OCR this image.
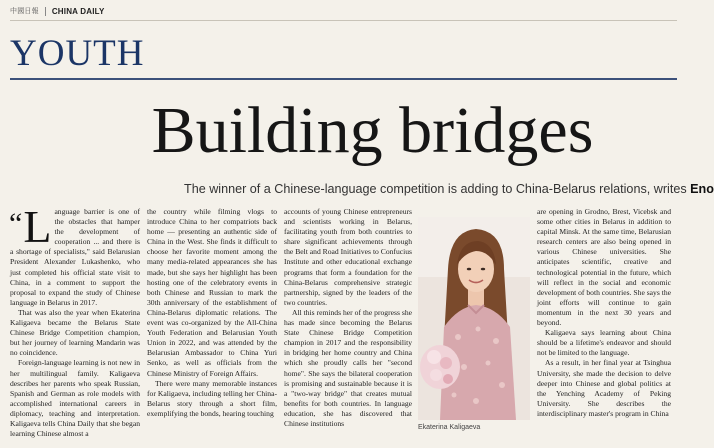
中國日報 CHINA DAILY
YOUTH
Building bridges
The winner of a Chinese-language competition is adding to China-Belarus relations, writes Eno

“L anguage barrier is one of the obstacles that hamper the development of cooperation ... and there is a shortage of specialists," said Belarusian President Alexander Lukashenko, who just completed his official state visit to China, in a comment to support the proposal to expand the study of Chinese language in Belarus in 2017.

That was also the year when Ekaterina Kaligaeva became the Belarus State Chinese Bridge Competition champion, but her journey of learning Mandarin was no coincidence.

Foreign-language learning is not new in her multilingual family. Kaligaeva describes her parents who speak Russian, Spanish and German as role models with accomplished international careers in diplomacy, teaching and interpretation. Kaligaeva tells China Daily that she began learning Chinese almost a

the country while filming vlogs to introduce China to her compatriots back home — presenting an authentic side of China in the West. She finds it difficult to choose her favorite moment among the many media-related appearances she has made, but she says her highlight has been hosting one of the celebratory events in both Chinese and Russian to mark the 30th anniversary of the establishment of China-Belarus diplomatic relations. The event was co-organized by the All-China Youth Federation and Belarusian Youth Union in 2022, and was attended by the Belarusian Ambassador to China Yuri Senko, as well as officials from the Chinese Ministry of Foreign Affairs.

There were many memorable instances for Kaligaeva, including telling her China-Belarus story through a short film, exemplifying the bonds, hearing touching

accounts of young Chinese entrepreneurs and scientists working in Belarus, facilitating youth from both countries to share significant achievements through the Belt and Road Initiatives to Confucius Institute and other educational exchange programs that form a foundation for the China-Belarus comprehensive strategic partnership, signed by the leaders of the two countries.

All this reminds her of the progress she has made since becoming the Belarus State Chinese Bridge Competition champion in 2017 and the responsibility in bridging her home country and China which she proudly calls her "second home". She says the bilateral cooperation is promising and sustainable because it is a "two-way bridge" that creates mutual benefits for both countries. In language education, she has discovered that Chinese institutions	Ekaterina Kaligaeva

are opening in Grodno, Brest, Vicebsk and some other cities in Belarus in addition to capital Minsk. At the same time, Belarusian research centers are also being opened in various Chinese universities. She anticipates scientific, creative and technological potential in the future, which will reflect in the social and economic development of both countries. She says the joint efforts will continue to gain momentum in the next 30 years and beyond.

Kaligaeva says learning about China should be a lifetime's endeavor and should not be limited to the language.

As a result, in her final year at Tsinghua University, she made the decision to delve deeper into Chinese and global politics at the Yenching Academy of Peking University. She describes the interdisciplinary master's program in China
